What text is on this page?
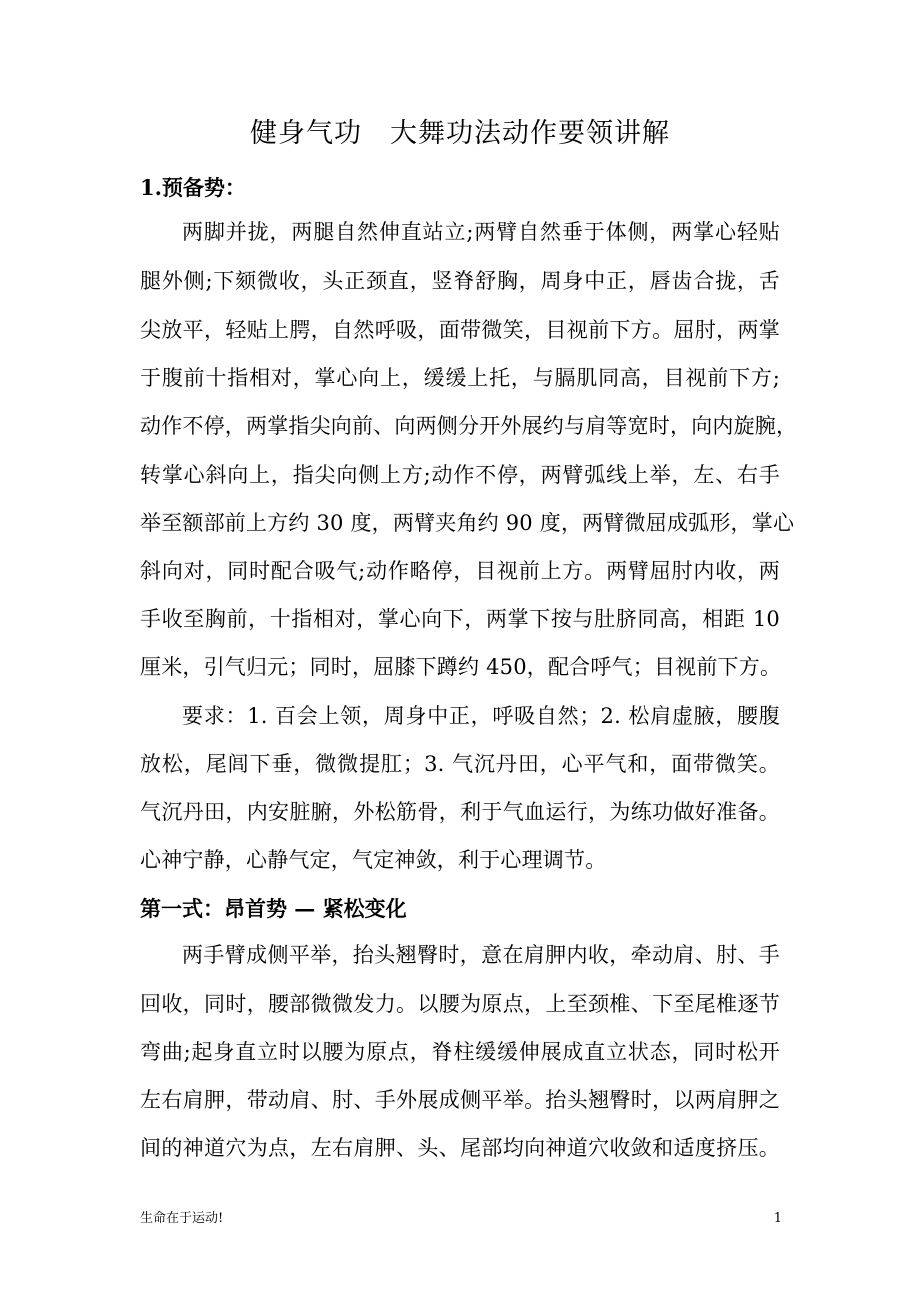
健身气功　大舞功法动作要领讲解
1.预备势：
两脚并拢，两腿自然伸直站立;两臂自然垂于体侧，两掌心轻贴
腿外侧;下颏微收，头正颈直，竖脊舒胸，周身中正，唇齿合拢，舌
尖放平，轻贴上腭，自然呼吸，面带微笑，目视前下方。屈肘，两掌
于腹前十指相对，掌心向上，缓缓上托，与膈肌同高，目视前下方;
动作不停，两掌指尖向前、向两侧分开外展约与肩等宽时，向内旋腕，
转掌心斜向上，指尖向侧上方;动作不停，两臂弧线上举，左、右手
举至额部前上方约 30 度，两臂夹角约 90 度，两臂微屈成弧形，掌心
斜向对，同时配合吸气;动作略停，目视前上方。两臂屈肘内收，两
手收至胸前，十指相对，掌心向下，两掌下按与肚脐同高，相距 10
厘米，引气归元；同时，屈膝下蹲约 450，配合呼气；目视前下方。
要求：1. 百会上领，周身中正，呼吸自然；2. 松肩虚腋，腰腹
放松，尾闾下垂，微微提肛；3. 气沉丹田，心平气和，面带微笑。
气沉丹田，内安脏腑，外松筋骨，利于气血运行，为练功做好准备。
心神宁静，心静气定，气定神敛，利于心理调节。
第一式：昂首势 — 紧松变化
两手臂成侧平举，抬头翘臀时，意在肩胛内收，牵动肩、肘、手
回收，同时，腰部微微发力。以腰为原点，上至颈椎、下至尾椎逐节
弯曲;起身直立时以腰为原点，脊柱缓缓伸展成直立状态，同时松开
左右肩胛，带动肩、肘、手外展成侧平举。抬头翘臀时，以两肩胛之
间的神道穴为点，左右肩胛、头、尾部均向神道穴收敛和适度挤压。
生命在于运动!	1
